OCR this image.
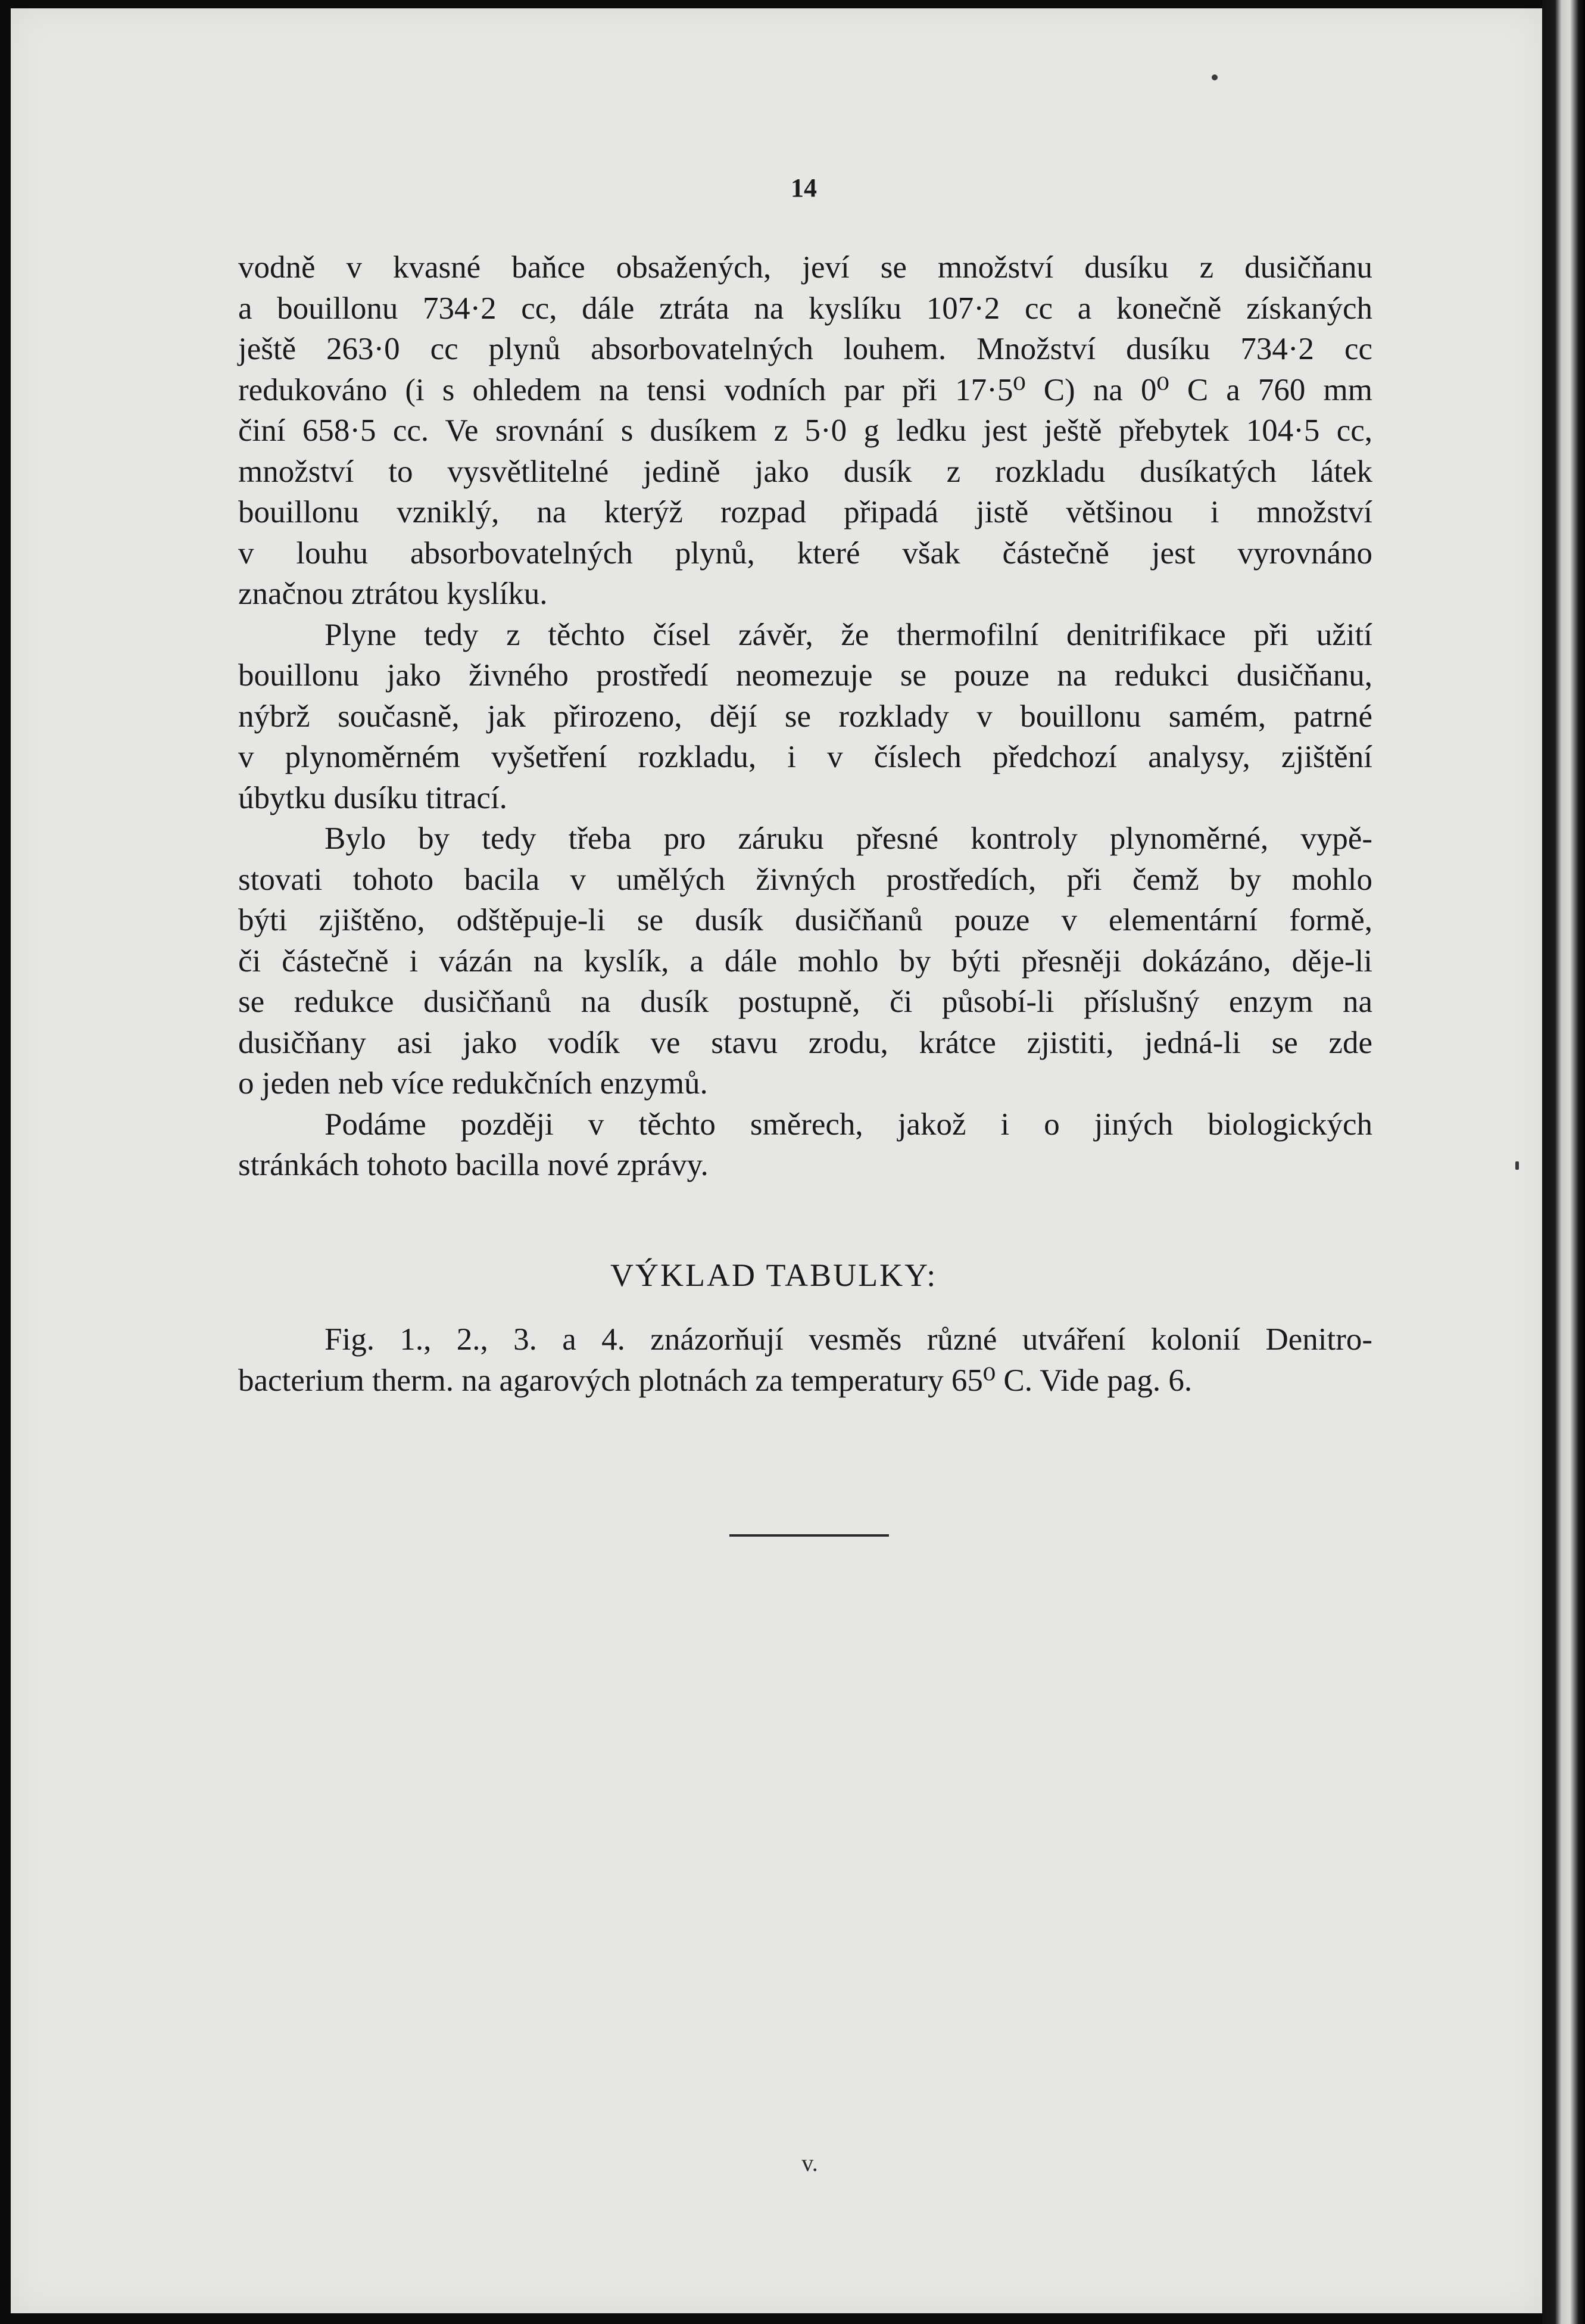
14
vodně v kvasné baňce obsažených, jeví se množství dusíku z dusičňanu
a bouillonu 734·2 cc, dále ztráta na kyslíku 107·2 cc a konečně získaných
ještě 263·0 cc plynů absorbovatelných louhem. Množství dusíku 734·2 cc
redukováno (i s ohledem na tensi vodních par při 17·5⁰ C) na 0⁰ C a 760 mm
činí 658·5 cc. Ve srovnání s dusíkem z 5·0 g ledku jest ještě přebytek 104·5 cc,
množství to vysvětlitelné jedině jako dusík z rozkladu dusíkatých látek
bouillonu vzniklý, na kterýž rozpad připadá jistě většinou i množství
v louhu absorbovatelných plynů, které však částečně jest vyrovnáno
značnou ztrátou kyslíku.
Plyne tedy z těchto čísel závěr, že thermofilní denitrifikace při užití
bouillonu jako živného prostředí neomezuje se pouze na redukci dusičňanu,
nýbrž současně, jak přirozeno, dějí se rozklady v bouillonu samém, patrné
v plynoměrném vyšetření rozkladu, i v číslech předchozí analysy, zjištění
úbytku dusíku titrací.
Bylo by tedy třeba pro záruku přesné kontroly plynoměrné, vypě-
stovati tohoto bacila v umělých živných prostředích, při čemž by mohlo
býti zjištěno, odštěpuje-li se dusík dusičňanů pouze v elementární formě,
či částečně i vázán na kyslík, a dále mohlo by býti přesněji dokázáno, děje-li
se redukce dusičňanů na dusík postupně, či působí-li příslušný enzym na
dusičňany asi jako vodík ve stavu zrodu, krátce zjistiti, jedná-li se zde
o jeden neb více redukčních enzymů.
Podáme později v těchto směrech, jakož i o jiných biologických
stránkách tohoto bacilla nové zprávy.
VÝKLAD TABULKY:
Fig. 1., 2., 3. a 4. znázorňují vesměs různé utváření kolonií Denitro-
bacterium therm. na agarových plotnách za temperatury 65⁰ C. Vide pag. 6.
v.
